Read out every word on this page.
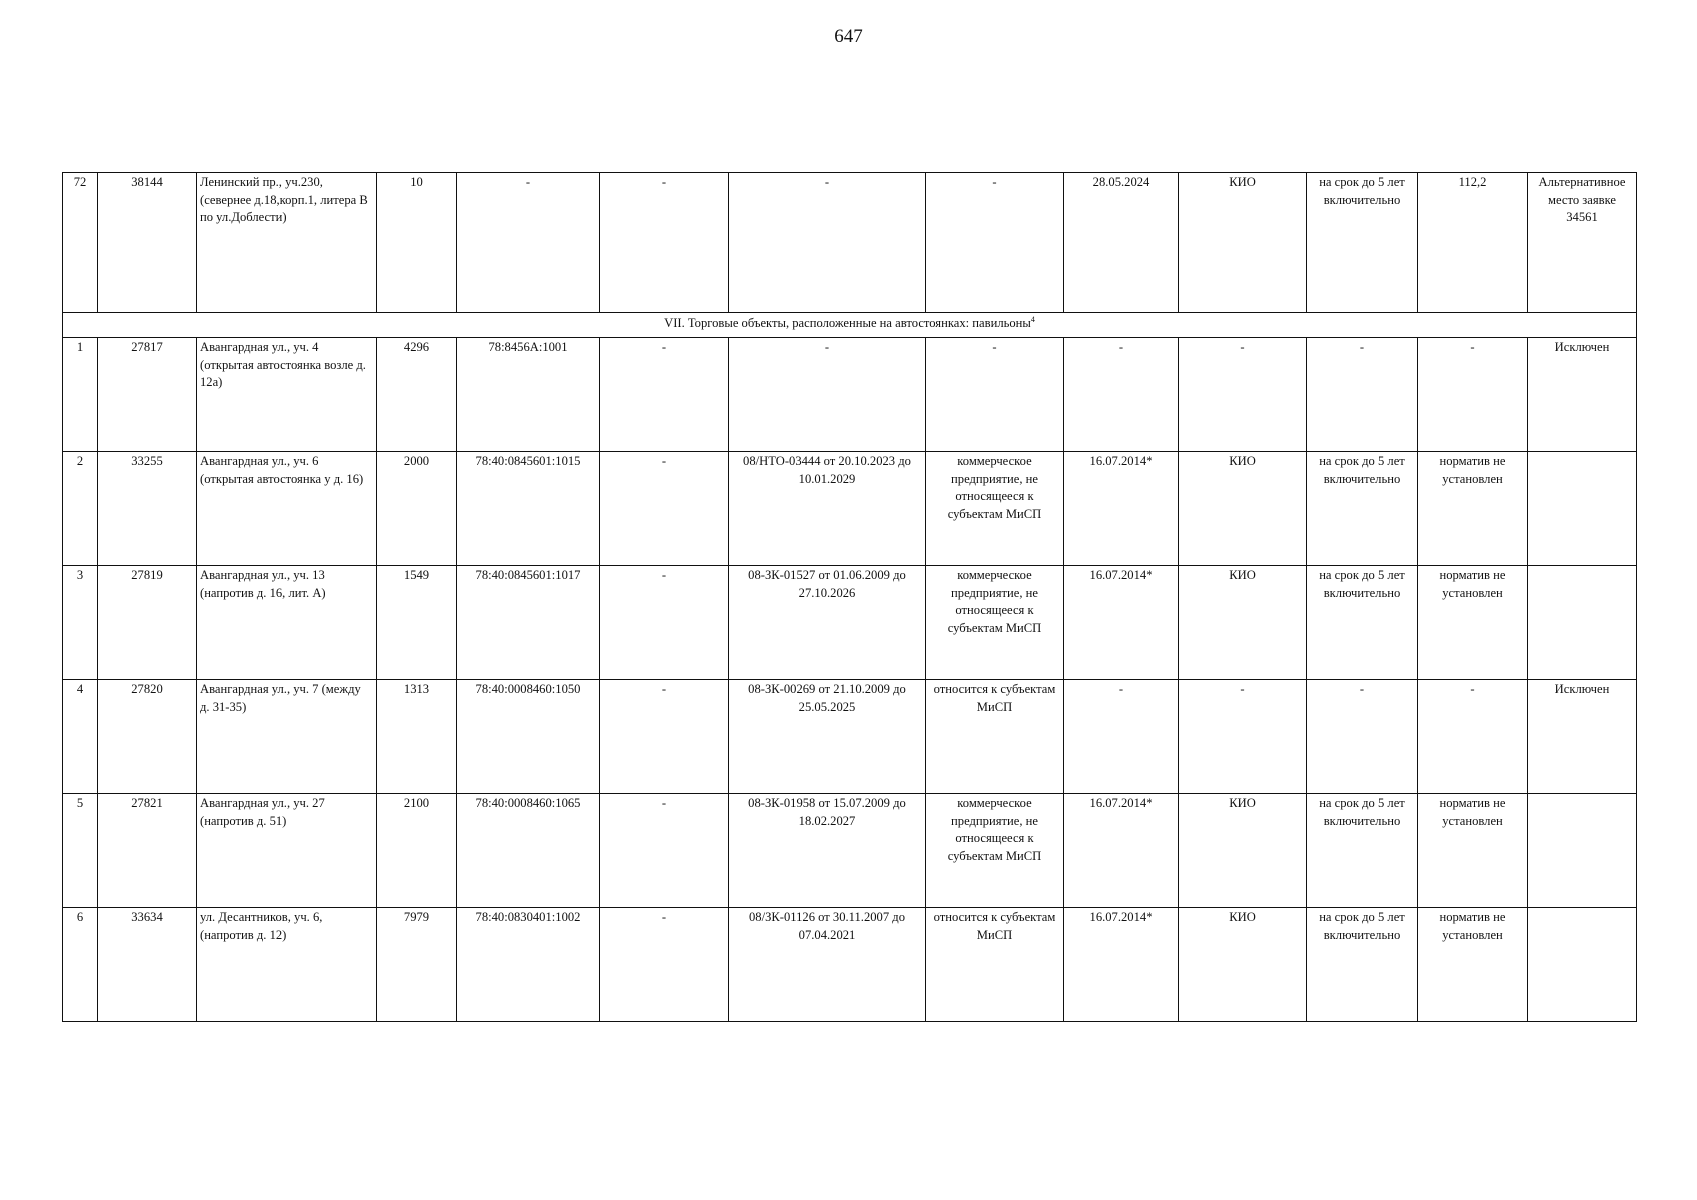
647
72	38144	Ленинский пр., уч.230, (севернее д.18,корп.1, литера В по ул.Доблести)	10	-	-	-	-	28.05.2024	КИО	на срок до 5 лет включительно	112,2	Альтернативное место заявке 34561
VII. Торговые объекты, расположенные на автостоянках: павильоны$^4$
1	27817	Авангардная ул., уч. 4 (открытая автостоянка возле д. 12а)	4296	78:8456А:1001	-	-	-	-	-	-	-	Исключен
2	33255	Авангардная ул., уч. 6 (открытая автостоянка у д. 16)	2000	78:40:0845601:1015	-	08/НТО-03444 от 20.10.2023 до 10.01.2029	коммерческое предприятие, не относящееся к субъектам МиСП	16.07.2014*	КИО	на срок до 5 лет включительно	норматив не установлен	
3	27819	Авангардная ул., уч. 13 (напротив д. 16, лит. А)	1549	78:40:0845601:1017	-	08-ЗК-01527 от 01.06.2009 до 27.10.2026	коммерческое предприятие, не относящееся к субъектам МиСП	16.07.2014*	КИО	на срок до 5 лет включительно	норматив не установлен	
4	27820	Авангардная ул., уч. 7 (между д. 31-35)	1313	78:40:0008460:1050	-	08-ЗК-00269 от 21.10.2009 до 25.05.2025	относится к субъектам МиСП	-	-	-	-	Исключен
5	27821	Авангардная ул., уч. 27 (напротив д. 51)	2100	78:40:0008460:1065	-	08-ЗК-01958 от 15.07.2009 до 18.02.2027	коммерческое предприятие, не относящееся к субъектам МиСП	16.07.2014*	КИО	на срок до 5 лет включительно	норматив не установлен	
6	33634	ул. Десантников, уч. 6, (напротив д. 12)	7979	78:40:0830401:1002	-	08/ЗК-01126 от 30.11.2007 до 07.04.2021	относится к субъектам МиСП	16.07.2014*	КИО	на срок до 5 лет включительно	норматив не установлен	
